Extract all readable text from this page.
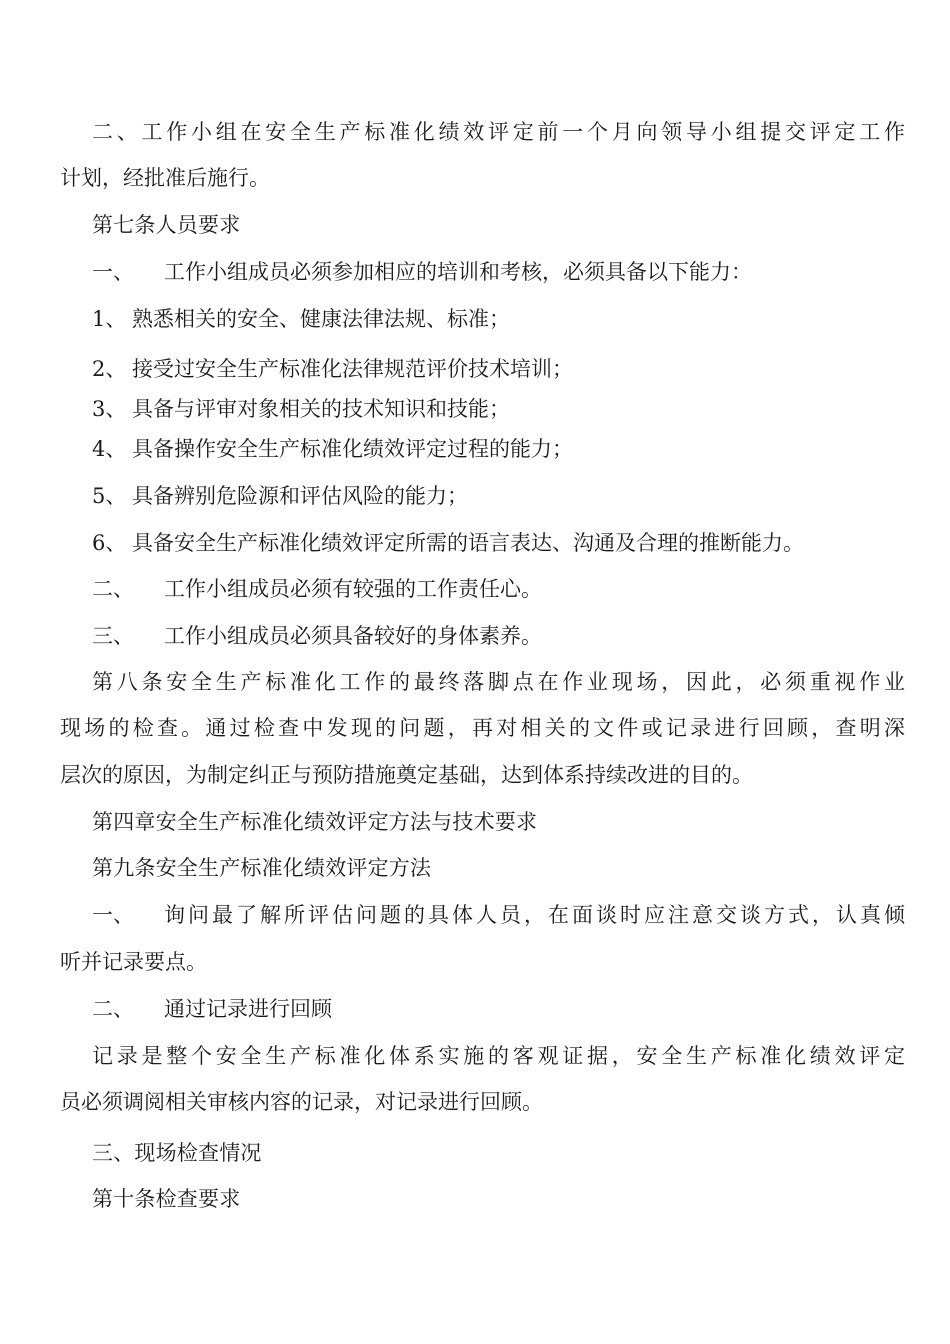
二、工作小组在安全生产标准化绩效评定前一个月向领导小组提交评定工作
计划，经批准后施行。
第七条人员要求
一、 工作小组成员必须参加相应的培训和考核，必须具备以下能力：
1、 熟悉相关的安全、健康法律法规、标准；
2、 接受过安全生产标准化法律规范评价技术培训；
3、 具备与评审对象相关的技术知识和技能；
4、 具备操作安全生产标准化绩效评定过程的能力；
5、 具备辨别危险源和评估风险的能力；
6、 具备安全生产标准化绩效评定所需的语言表达、沟通及合理的推断能力。
二、 工作小组成员必须有较强的工作责任心。
三、 工作小组成员必须具备较好的身体素养。
第八条安全生产标准化工作的最终落脚点在作业现场，因此，必须重视作业
现场的检查。通过检查中发现的问题，再对相关的文件或记录进行回顾，查明深
层次的原因，为制定纠正与预防措施奠定基础，达到体系持续改进的目的。
第四章安全生产标准化绩效评定方法与技术要求
第九条安全生产标准化绩效评定方法
一、 询问最了解所评估问题的具体人员，在面谈时应注意交谈方式，认真倾
听并记录要点。
二、 通过记录进行回顾
记录是整个安全生产标准化体系实施的客观证据，安全生产标准化绩效评定
员必须调阅相关审核内容的记录，对记录进行回顾。
三、现场检查情况
第十条检查要求
